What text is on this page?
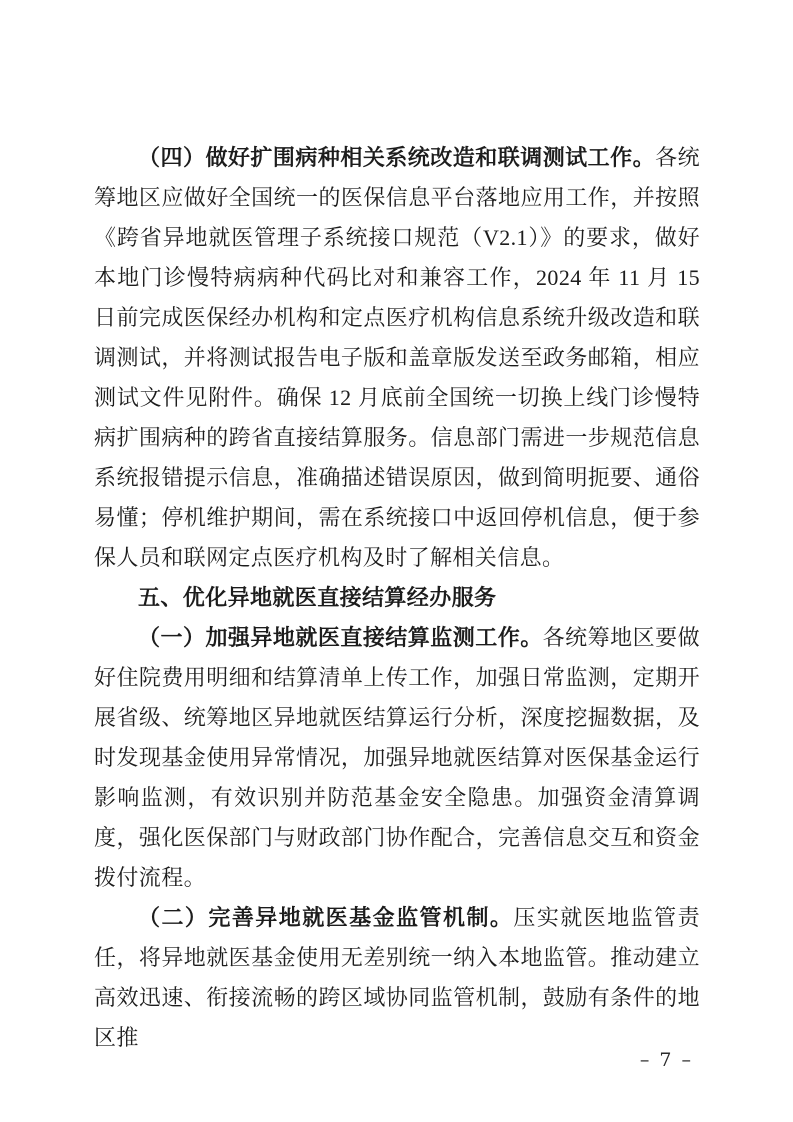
（四）做好扩围病种相关系统改造和联调测试工作。各统筹地区应做好全国统一的医保信息平台落地应用工作，并按照《跨省异地就医管理子系统接口规范（V2.1）》的要求，做好本地门诊慢特病病种代码比对和兼容工作，2024 年 11 月 15 日前完成医保经办机构和定点医疗机构信息系统升级改造和联调测试，并将测试报告电子版和盖章版发送至政务邮箱，相应测试文件见附件。确保 12 月底前全国统一切换上线门诊慢特病扩围病种的跨省直接结算服务。信息部门需进一步规范信息系统报错提示信息，准确描述错误原因，做到简明扼要、通俗易懂；停机维护期间，需在系统接口中返回停机信息，便于参保人员和联网定点医疗机构及时了解相关信息。

五、优化异地就医直接结算经办服务

（一）加强异地就医直接结算监测工作。各统筹地区要做好住院费用明细和结算清单上传工作，加强日常监测，定期开展省级、统筹地区异地就医结算运行分析，深度挖掘数据，及时发现基金使用异常情况，加强异地就医结算对医保基金运行影响监测，有效识别并防范基金安全隐患。加强资金清算调度，强化医保部门与财政部门协作配合，完善信息交互和资金拨付流程。

（二）完善异地就医基金监管机制。压实就医地监管责任，将异地就医基金使用无差别统一纳入本地监管。推动建立高效迅速、衔接流畅的跨区域协同监管机制，鼓励有条件的地区推

– 7 –
